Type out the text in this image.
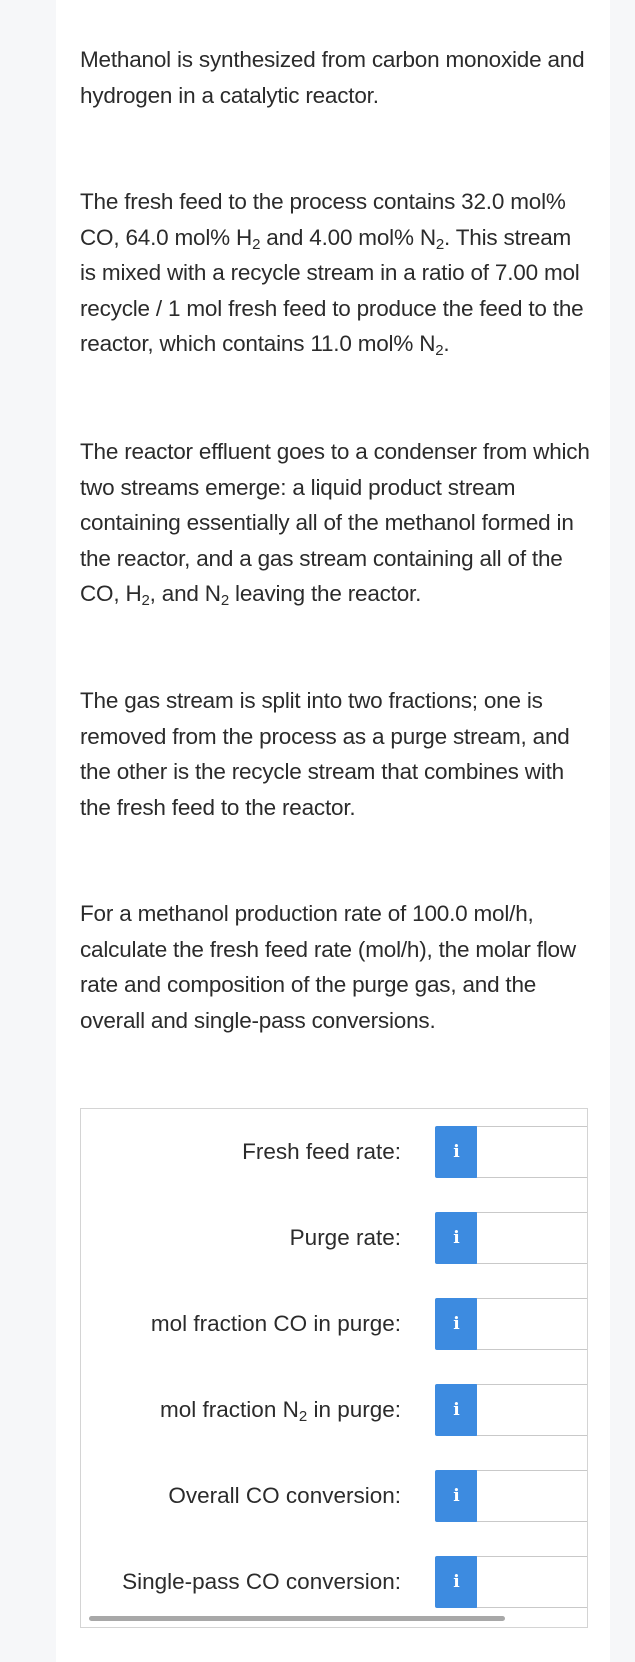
Methanol is synthesized from carbon monoxide and hydrogen in a catalytic reactor.

The fresh feed to the process contains 32.0 mol% CO, 64.0 mol% $H_2$ and 4.00 mol% $N_2$. This stream is mixed with a recycle stream in a ratio of 7.00 mol recycle / 1 mol fresh feed to produce the feed to the reactor, which contains 11.0 mol% $N_2$.

The reactor effluent goes to a condenser from which two streams emerge: a liquid product stream containing essentially all of the methanol formed in the reactor, and a gas stream containing all of the CO, $H_2$, and $N_2$ leaving the reactor.

The gas stream is split into two fractions; one is removed from the process as a purge stream, and the other is the recycle stream that combines with the fresh feed to the reactor.

For a methanol production rate of 100.0 mol/h, calculate the fresh feed rate (mol/h), the molar flow rate and composition of the purge gas, and the overall and single-pass conversions.

Fresh feed rate:	i
Purge rate:	i
mol fraction CO in purge:	i
mol fraction $N_2$ in purge:	i
Overall CO conversion:	i
Single-pass CO conversion:	i
